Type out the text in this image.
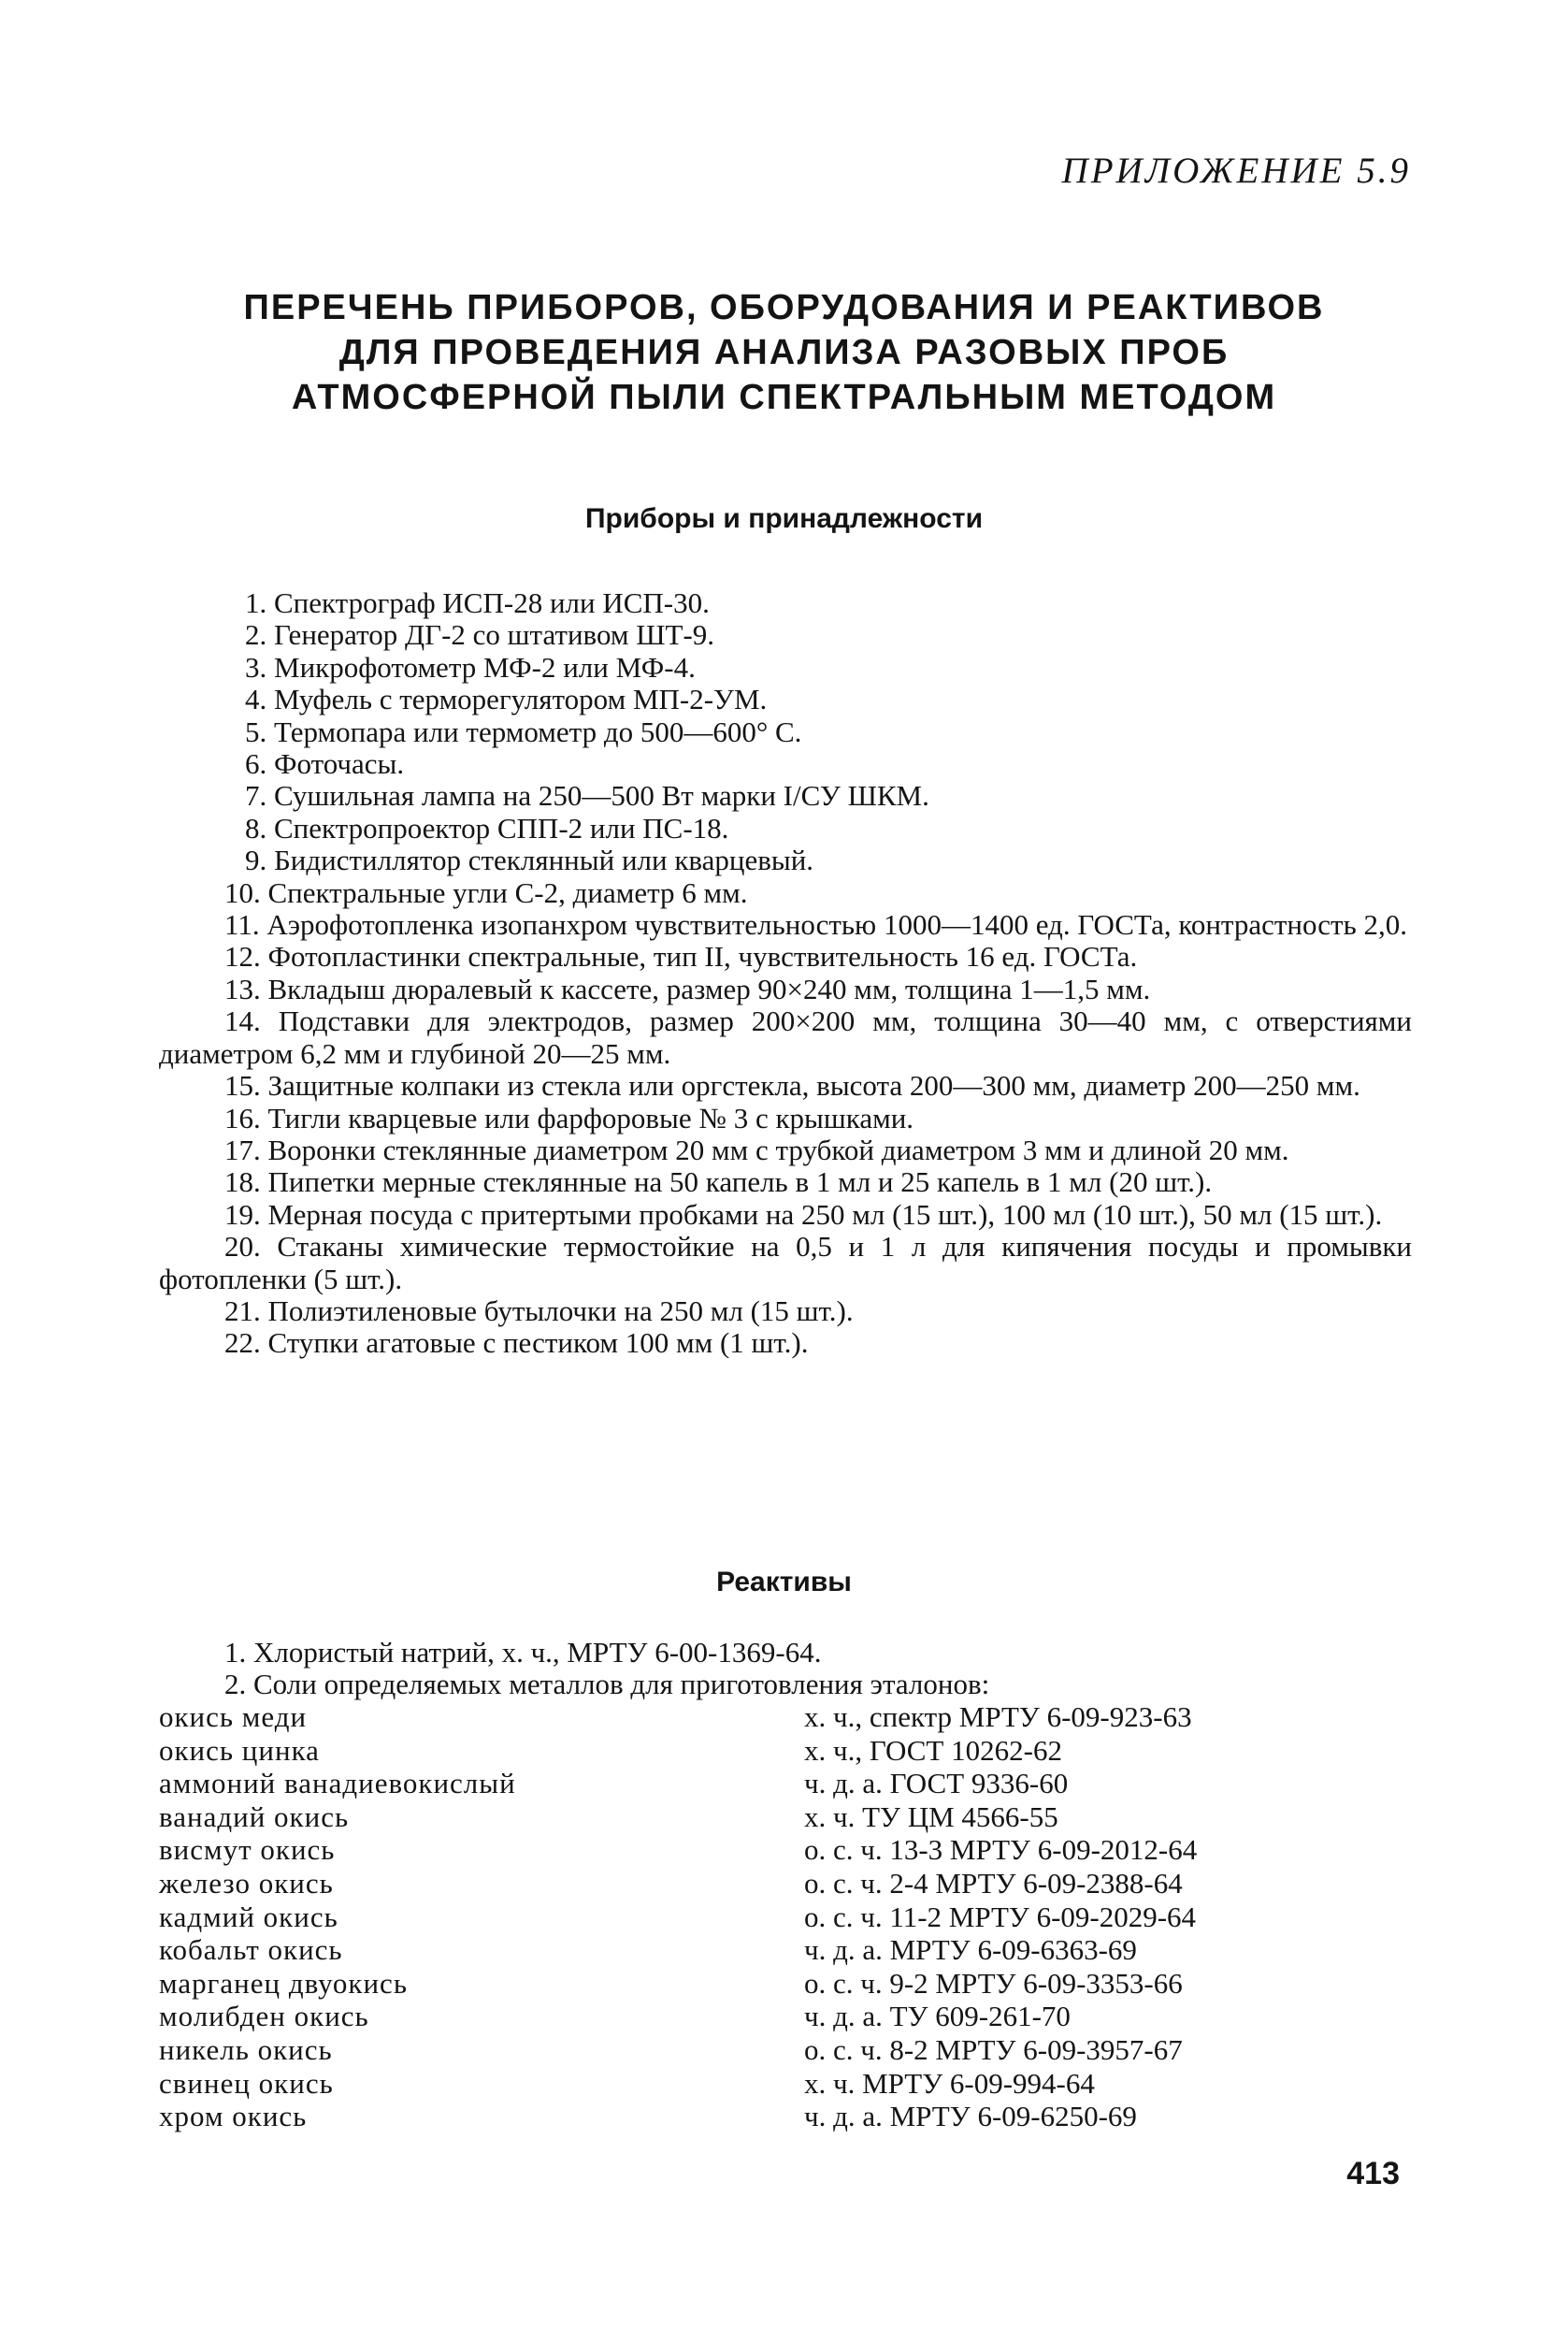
ПРИЛОЖЕНИЕ 5.9
ПЕРЕЧЕНЬ ПРИБОРОВ, ОБОРУДОВАНИЯ И РЕАКТИВОВ
ДЛЯ ПРОВЕДЕНИЯ АНАЛИЗА РАЗОВЫХ ПРОБ
АТМОСФЕРНОЙ ПЫЛИ СПЕКТРАЛЬНЫМ МЕТОДОМ
Приборы и принадлежности
1. Спектрограф ИСП-28 или ИСП-30.
2. Генератор ДГ-2 со штативом ШТ-9.
3. Микрофотометр МФ-2 или МФ-4.
4. Муфель с терморегулятором МП-2-УМ.
5. Термопара или термометр до 500—600° С.
6. Фоточасы.
7. Сушильная лампа на 250—500 Вт марки I/СУ ШКМ.
8. Спектропроектор СПП-2 или ПС-18.
9. Бидистиллятор стеклянный или кварцевый.
10. Спектральные угли С-2, диаметр 6 мм.
11. Аэрофотопленка изопанхром чувствительностью 1000—1400 ед. ГОСТа, контрастность 2,0.
12. Фотопластинки спектральные, тип II, чувствительность 16 ед. ГОСТа.
13. Вкладыш дюралевый к кассете, размер 90×240 мм, толщина 1—1,5 мм.
14. Подставки для электродов, размер 200×200 мм, толщина 30—40 мм, с отверстиями диаметром 6,2 мм и глубиной 20—25 мм.
15. Защитные колпаки из стекла или оргстекла, высота 200—300 мм, диаметр 200—250 мм.
16. Тигли кварцевые или фарфоровые № 3 с крышками.
17. Воронки стеклянные диаметром 20 мм с трубкой диаметром 3 мм и длиной 20 мм.
18. Пипетки мерные стеклянные на 50 капель в 1 мл и 25 капель в 1 мл (20 шт.).
19. Мерная посуда с притертыми пробками на 250 мл (15 шт.), 100 мл (10 шт.), 50 мл (15 шт.).
20. Стаканы химические термостойкие на 0,5 и 1 л для кипячения посуды и промывки фотопленки (5 шт.).
21. Полиэтиленовые бутылочки на 250 мл (15 шт.).
22. Ступки агатовые с пестиком 100 мм (1 шт.).
Реактивы
1. Хлористый натрий, х. ч., МРТУ 6-00-1369-64.
2. Соли определяемых металлов для приготовления эталонов:
окись меди	х. ч., спектр МРТУ 6-09-923-63
окись цинка	х. ч., ГОСТ 10262-62
аммоний ванадиевокислый	ч. д. а. ГОСТ 9336-60
ванадий окись	х. ч. ТУ ЦМ 4566-55
висмут окись	о. с. ч. 13-3 МРТУ 6-09-2012-64
железо окись	о. с. ч. 2-4 МРТУ 6-09-2388-64
кадмий окись	о. с. ч. 11-2 МРТУ 6-09-2029-64
кобальт окись	ч. д. а. МРТУ 6-09-6363-69
марганец двуокись	о. с. ч. 9-2 МРТУ 6-09-3353-66
молибден окись	ч. д. а. ТУ 609-261-70
никель окись	о. с. ч. 8-2 МРТУ 6-09-3957-67
свинец окись	х. ч. МРТУ 6-09-994-64
хром окись	ч. д. а. МРТУ 6-09-6250-69
413
